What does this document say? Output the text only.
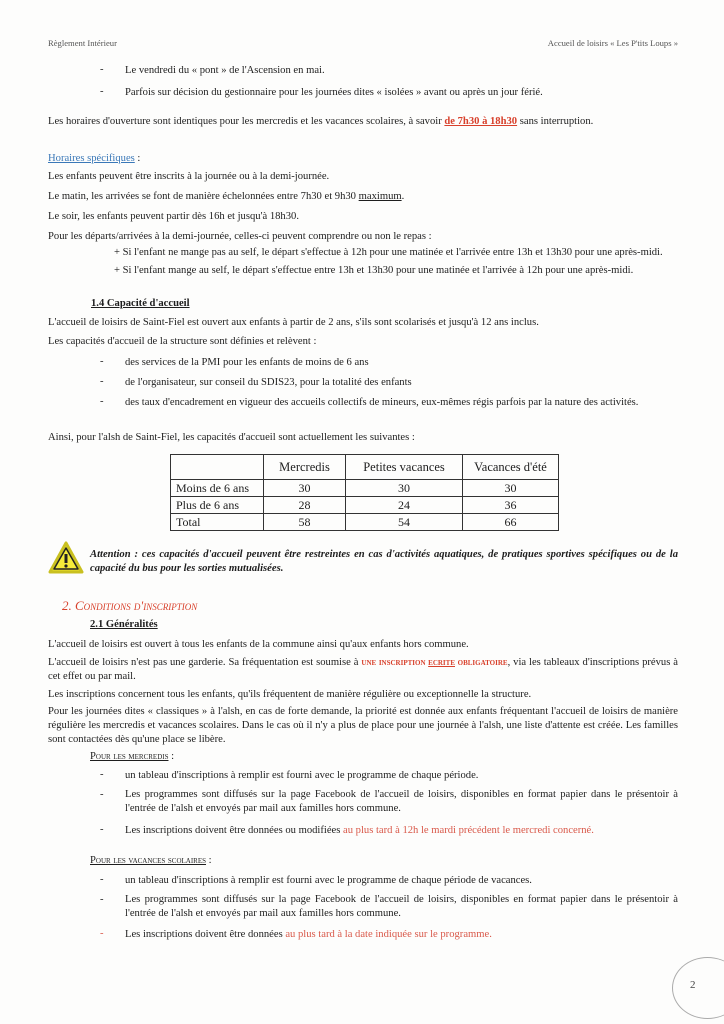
Règlement Intérieur	Accueil de loisirs « Les P'tits Loups »
- Le vendredi du « pont » de l'Ascension en mai.
- Parfois sur décision du gestionnaire pour les journées dites « isolées » avant ou après un jour férié.
Les horaires d'ouverture sont identiques pour les mercredis et les vacances scolaires, à savoir de 7h30 à 18h30 sans interruption.
Horaires spécifiques :
Les enfants peuvent être inscrits à la journée ou à la demi-journée.
Le matin, les arrivées se font de manière échelonnées entre 7h30 et 9h30 maximum.
Le soir, les enfants peuvent partir dès 16h et jusqu'à 18h30.
Pour les départs/arrivées à la demi-journée, celles-ci peuvent comprendre ou non le repas :
+ Si l'enfant ne mange pas au self, le départ s'effectue à 12h pour une matinée et l'arrivée entre 13h et 13h30 pour une après-midi.
+ Si l'enfant mange au self, le départ s'effectue entre 13h et 13h30 pour une matinée et l'arrivée à 12h pour une après-midi.
1.4 Capacité d'accueil
L'accueil de loisirs de Saint-Fiel est ouvert aux enfants à partir de 2 ans, s'ils sont scolarisés et jusqu'à 12 ans inclus.
Les capacités d'accueil de la structure sont définies et relèvent :
- des services de la PMI pour les enfants de moins de 6 ans
- de l'organisateur, sur conseil du SDIS23, pour la totalité des enfants
- des taux d'encadrement en vigueur des accueils collectifs de mineurs, eux-mêmes régis parfois par la nature des activités.
Ainsi, pour l'alsh de Saint-Fiel, les capacités d'accueil sont actuellement les suivantes :
	Mercredis	Petites vacances	Vacances d'été
Moins de 6 ans	30	30	30
Plus de 6 ans	28	24	36
Total	58	54	66
Attention : ces capacités d'accueil peuvent être restreintes en cas d'activités aquatiques, de pratiques sportives spécifiques ou de la capacité du bus pour les sorties mutualisées.
2. Conditions d'inscription
2.1 Généralités
L'accueil de loisirs est ouvert à tous les enfants de la commune ainsi qu'aux enfants hors commune.
L'accueil de loisirs n'est pas une garderie. Sa fréquentation est soumise à une inscription ecrite obligatoire, via les tableaux d'inscriptions prévus à cet effet ou par mail.
Les inscriptions concernent tous les enfants, qu'ils fréquentent de manière régulière ou exceptionnelle la structure.
Pour les journées dites « classiques » à l'alsh, en cas de forte demande, la priorité est donnée aux enfants fréquentant l'accueil de loisirs de manière régulière les mercredis et vacances scolaires. Dans le cas où il n'y a plus de place pour une journée à l'alsh, une liste d'attente est créée. Les familles sont contactées dès qu'une place se libère.
Pour les mercredis :
- un tableau d'inscriptions à remplir est fourni avec le programme de chaque période.
- Les programmes sont diffusés sur la page Facebook de l'accueil de loisirs, disponibles en format papier dans le présentoir à l'entrée de l'alsh et envoyés par mail aux familles hors commune.
- Les inscriptions doivent être données ou modifiées au plus tard à 12h le mardi précédent le mercredi concerné.
Pour les vacances scolaires :
- un tableau d'inscriptions à remplir est fourni avec le programme de chaque période de vacances.
- Les programmes sont diffusés sur la page Facebook de l'accueil de loisirs, disponibles en format papier dans le présentoir à l'entrée de l'alsh et envoyés par mail aux familles hors commune.
- Les inscriptions doivent être données au plus tard à la date indiquée sur le programme.
2
